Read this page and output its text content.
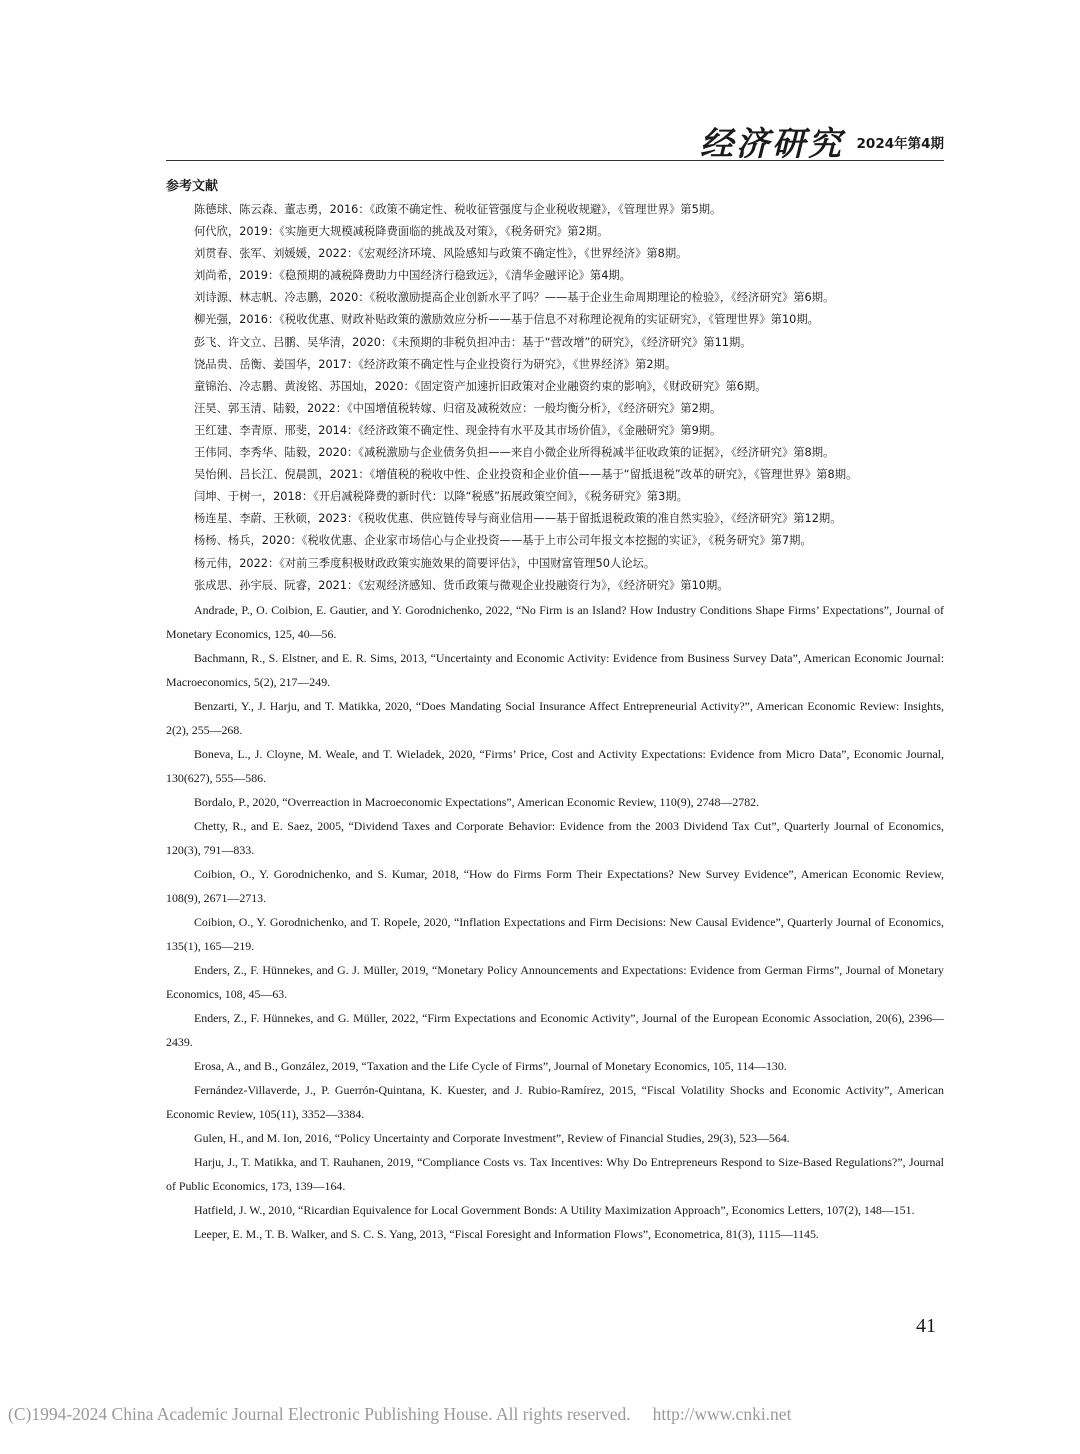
经济研究 2024年第4期
参考文献
陈德球、陈云森、董志勇，2016：《政策不确定性、税收征管强度与企业税收规避》，《管理世界》第5期。
何代欣，2019：《实施更大规模减税降费面临的挑战及对策》，《税务研究》第2期。
刘贯春、张军、刘媛媛，2022：《宏观经济环境、风险感知与政策不确定性》，《世界经济》第8期。
刘尚希，2019：《稳预期的减税降费助力中国经济行稳致远》，《清华金融评论》第4期。
刘诗源、林志帆、冷志鹏，2020：《税收激励提高企业创新水平了吗？——基于企业生命周期理论的检验》，《经济研究》第6期。
柳光强，2016：《税收优惠、财政补贴政策的激励效应分析——基于信息不对称理论视角的实证研究》，《管理世界》第10期。
彭飞、许文立、吕鹏、吴华清，2020：《未预期的非税负担冲击：基于“营改增”的研究》，《经济研究》第11期。
饶品贵、岳衡、姜国华，2017：《经济政策不确定性与企业投资行为研究》，《世界经济》第2期。
童锦治、冷志鹏、黄浚铭、苏国灿，2020：《固定资产加速折旧政策对企业融资约束的影响》，《财政研究》第6期。
汪昊、郭玉清、陆毅，2022：《中国增值税转嫁、归宿及减税效应：一般均衡分析》，《经济研究》第2期。
王红建、李青原、邢斐，2014：《经济政策不确定性、现金持有水平及其市场价值》，《金融研究》第9期。
王伟同、李秀华、陆毅，2020：《减税激励与企业债务负担——来自小微企业所得税减半征收政策的证据》，《经济研究》第8期。
吴怡俐、吕长江、倪晨凯，2021：《增值税的税收中性、企业投资和企业价值——基于“留抵退税”改革的研究》，《管理世界》第8期。
闫坤、于树一，2018：《开启减税降费的新时代：以降“税感”拓展政策空间》，《税务研究》第3期。
杨连星、李蔚、王秋硕，2023：《税收优惠、供应链传导与商业信用——基于留抵退税政策的准自然实验》，《经济研究》第12期。
杨杨、杨兵，2020：《税收优惠、企业家市场信心与企业投资——基于上市公司年报文本挖掘的实证》，《税务研究》第7期。
杨元伟，2022：《对前三季度积极财政政策实施效果的简要评估》，中国财富管理50人论坛。
张成思、孙宇辰、阮睿，2021：《宏观经济感知、货币政策与微观企业投融资行为》，《经济研究》第10期。
Andrade, P., O. Coibion, E. Gautier, and Y. Gorodnichenko, 2022, “No Firm is an Island? How Industry Conditions Shape Firms’ Expectations”, Journal of Monetary Economics, 125, 40—56.
Bachmann, R., S. Elstner, and E. R. Sims, 2013, “Uncertainty and Economic Activity: Evidence from Business Survey Data”, American Economic Journal: Macroeconomics, 5(2), 217—249.
Benzarti, Y., J. Harju, and T. Matikka, 2020, “Does Mandating Social Insurance Affect Entrepreneurial Activity?”, American Economic Review: Insights, 2(2), 255—268.
Boneva, L., J. Cloyne, M. Weale, and T. Wieladek, 2020, “Firms’ Price, Cost and Activity Expectations: Evidence from Micro Data”, Economic Journal, 130(627), 555—586.
Bordalo, P., 2020, “Overreaction in Macroeconomic Expectations”, American Economic Review, 110(9), 2748—2782.
Chetty, R., and E. Saez, 2005, “Dividend Taxes and Corporate Behavior: Evidence from the 2003 Dividend Tax Cut”, Quarterly Journal of Economics, 120(3), 791—833.
Coibion, O., Y. Gorodnichenko, and S. Kumar, 2018, “How do Firms Form Their Expectations? New Survey Evidence”, American Economic Review, 108(9), 2671—2713.
Coibion, O., Y. Gorodnichenko, and T. Ropele, 2020, “Inflation Expectations and Firm Decisions: New Causal Evidence”, Quarterly Journal of Economics, 135(1), 165—219.
Enders, Z., F. Hünnekes, and G. J. Müller, 2019, “Monetary Policy Announcements and Expectations: Evidence from German Firms”, Journal of Monetary Economics, 108, 45—63.
Enders, Z., F. Hünnekes, and G. Müller, 2022, “Firm Expectations and Economic Activity”, Journal of the European Economic Association, 20(6), 2396—2439.
Erosa, A., and B., González, 2019, “Taxation and the Life Cycle of Firms”, Journal of Monetary Economics, 105, 114—130.
Fernández-Villaverde, J., P. Guerrón-Quintana, K. Kuester, and J. Rubio-Ramírez, 2015, “Fiscal Volatility Shocks and Economic Activity”, American Economic Review, 105(11), 3352—3384.
Gulen, H., and M. Ion, 2016, “Policy Uncertainty and Corporate Investment”, Review of Financial Studies, 29(3), 523—564.
Harju, J., T. Matikka, and T. Rauhanen, 2019, “Compliance Costs vs. Tax Incentives: Why Do Entrepreneurs Respond to Size-Based Regulations?”, Journal of Public Economics, 173, 139—164.
Hatfield, J. W., 2010, “Ricardian Equivalence for Local Government Bonds: A Utility Maximization Approach”, Economics Letters, 107(2), 148—151.
Leeper, E. M., T. B. Walker, and S. C. S. Yang, 2013, “Fiscal Foresight and Information Flows”, Econometrica, 81(3), 1115—1145.
41
(C)1994-2024 China Academic Journal Electronic Publishing House. All rights reserved. http://www.cnki.net
